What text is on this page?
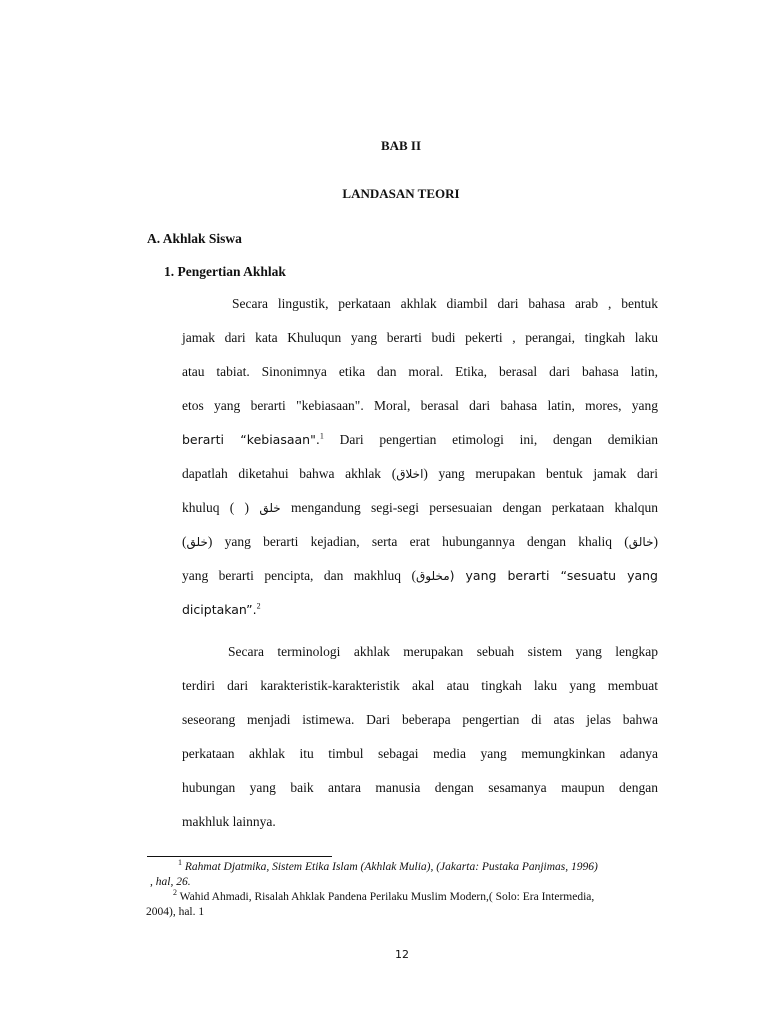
BAB II
LANDASAN TEORI
A. Akhlak Siswa
1. Pengertian Akhlak
Secara lingustik, perkataan akhlak diambil dari bahasa arab , bentuk
jamak dari kata Khuluqun yang berarti budi pekerti , perangai, tingkah laku
atau tabiat. Sinonimnya etika dan moral. Etika, berasal dari bahasa latin,
etos yang berarti "kebiasaan". Moral, berasal dari bahasa latin, mores, yang
berarti “kebiasaan".$^1$ Dari pengertian etimologi ini, dengan demikian
dapatlah diketahui bahwa akhlak (اخلاق) yang merupakan bentuk jamak dari
khuluq ( ) خلق mengandung segi-segi persesuaian dengan perkataan khalqun
(خلق) yang berarti kejadian, serta erat hubungannya dengan khaliq (خالق)
yang berarti pencipta, dan makhluq (مخلوق) yang berarti “sesuatu yang
diciptakan”.$^2$
Secara terminologi akhlak merupakan sebuah sistem yang lengkap
terdiri dari karakteristik-karakteristik akal atau tingkah laku yang membuat
seseorang menjadi istimewa. Dari beberapa pengertian di atas jelas bahwa
perkataan akhlak itu timbul sebagai media yang memungkinkan adanya
hubungan yang baik antara manusia dengan sesamanya maupun dengan
makhluk lainnya.
$^1$ Rahmat Djatmika, Sistem Etika Islam (Akhlak Mulia), (Jakarta: Pustaka Panjimas, 1996)
, hal, 26.
$^2$ Wahid Ahmadi, Risalah Ahklak Pandena Perilaku Muslim Modern,( Solo: Era Intermedia,
2004), hal. 1
12
